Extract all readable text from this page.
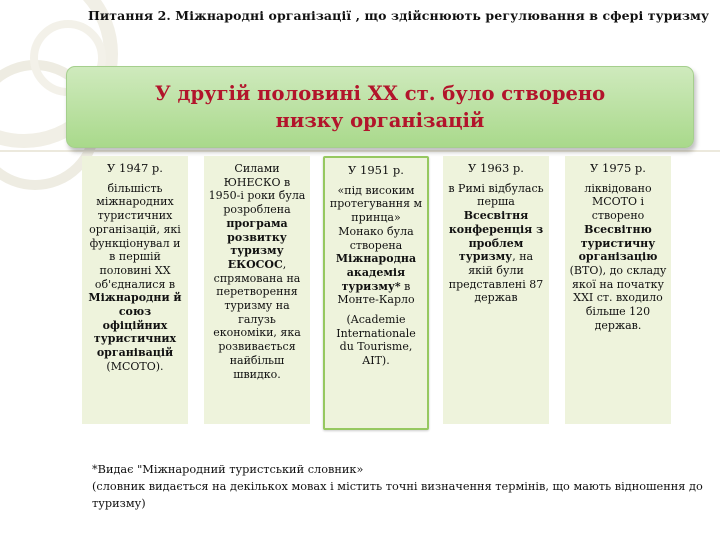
Питання 2. Міжнародні організації , що здійснюють регулювання в сфері туризму
У другій половині ХХ ст. було створено низку організацій
У 1947 р.

більшість міжнародних туристичних організацій, які функціонувал и в першій половині ХХ об'єдналися в Міжнародни й союз офіційних туристичних органівацій (МСОТО).

Силами ЮНЕСКО в 1950-і роки була розроблена програма розвитку туризму ЕКОСОС, спрямована на перетворення туризму на галузь економіки, яка розвивається найбільш швидко.

У 1951 р.

«під високим протегування м принца» Монако була створена Міжнародна академія туризму* в Монте-Карло

(Academie Internationale du Tourisme, AIT).

У 1963 р.

в Римі відбулась перша Всесвітня конференція з проблем туризму, на якій були представлені 87 держав

У 1975 р.

ліквідовано МСОТО і створено Всесвітню туристичну організацію (ВТО), до складу якої на початку XXI ст. входило більше 120 держав.

*Видає "Міжнародний туристський словник»
(словник видається на декількох мовах і містить точні визначення термінів, що мають відношення до туризму)
